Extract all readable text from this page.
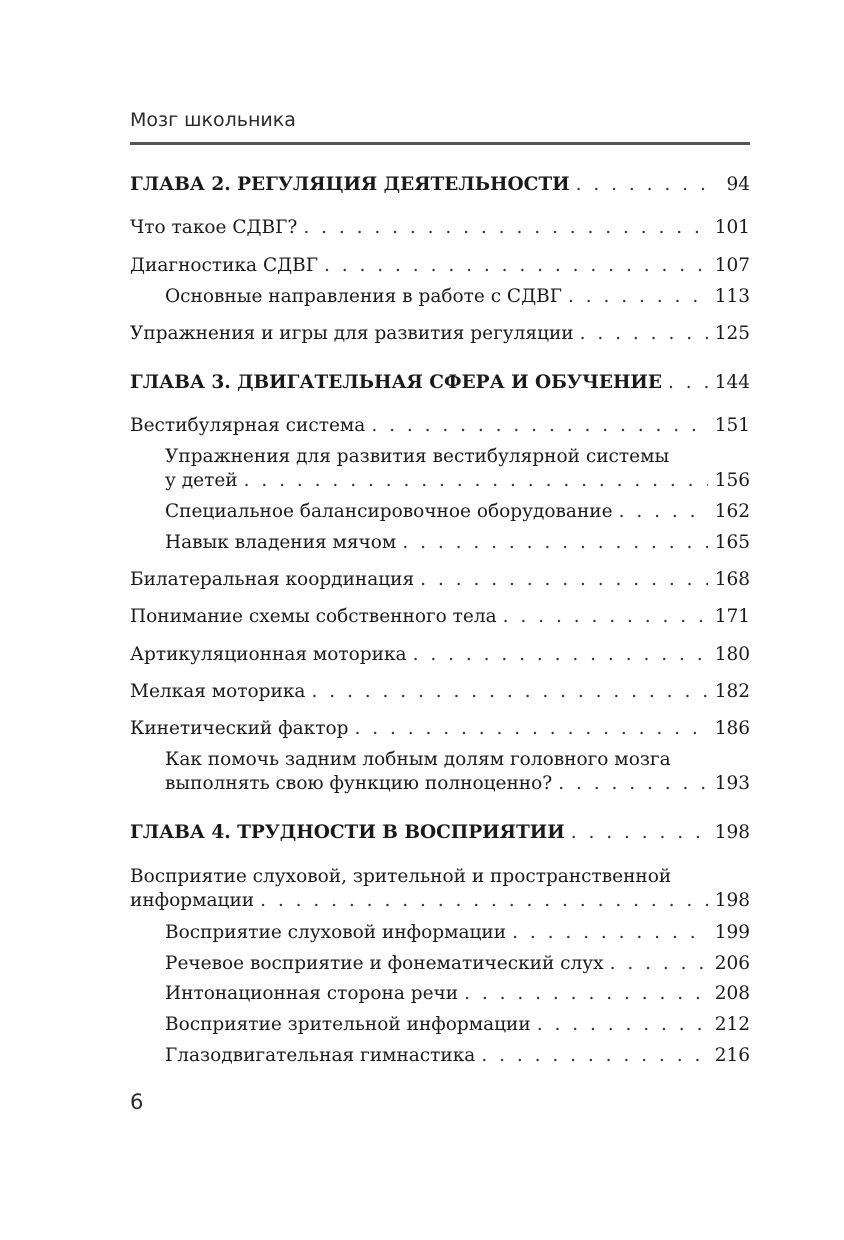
Мозг школьника
ГЛАВА 2. РЕГУЛЯЦИЯ ДЕЯТЕЛЬНОСТИ . . .	94
Что такое СДВГ? . . .	101
Диагностика СДВГ . . .	107
Основные направления в работе с СДВГ . . .	113
Упражнения и игры для развития регуляции . . .	125
ГЛАВА 3. ДВИГАТЕЛЬНАЯ СФЕРА И ОБУЧЕНИЕ . . .	144
Вестибулярная система . . .	151
Упражнения для развития вестибулярной системы
у детей . . .	156
Специальное балансировочное оборудование . . .	162
Навык владения мячом . . .	165
Билатеральная координация . . .	168
Понимание схемы собственного тела . . .	171
Артикуляционная моторика . . .	180
Мелкая моторика . . .	182
Кинетический фактор . . .	186
Как помочь задним лобным долям головного мозга
выполнять свою функцию полноценно? . . .	193
ГЛАВА 4. ТРУДНОСТИ В ВОСПРИЯТИИ . . .	198
Восприятие слуховой, зрительной и пространственной
информации . . .	198
Восприятие слуховой информации . . .	199
Речевое восприятие и фонематический слух . . .	206
Интонационная сторона речи . . .	208
Восприятие зрительной информации . . .	212
Глазодвигательная гимнастика . . .	216
6
